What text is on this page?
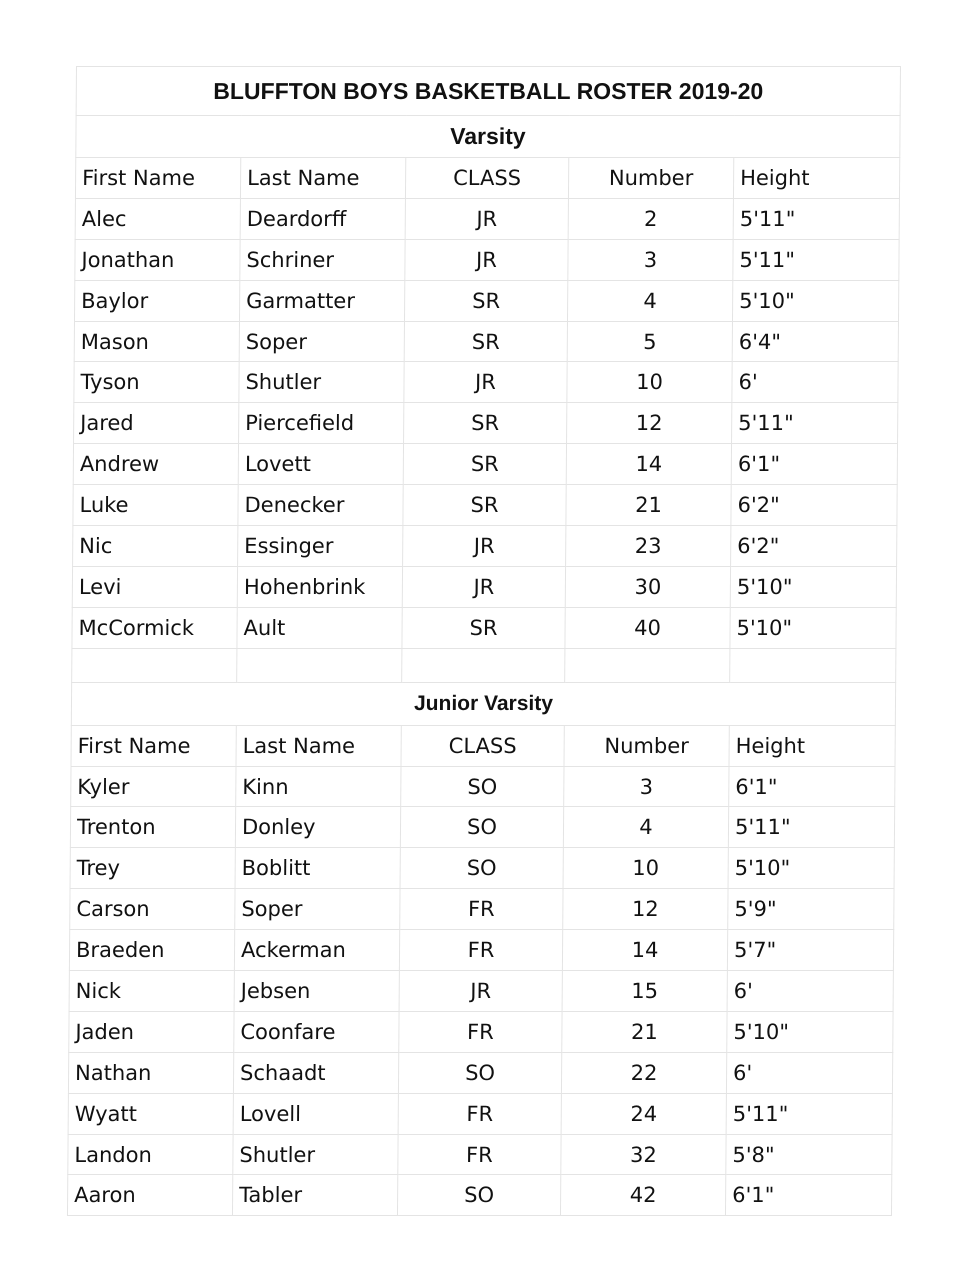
BLUFFTON BOYS BASKETBALL ROSTER 2019-20				
Varsity				
First Name	Last Name	CLASS	Number	Height
Alec	Deardorff	JR	2	5'11"
Jonathan	Schriner	JR	3	5'11"
Baylor	Garmatter	SR	4	5'10"
Mason	Soper	SR	5	6'4"
Tyson	Shutler	JR	10	6'
Jared	Piercefield	SR	12	5'11"
Andrew	Lovett	SR	14	6'1"
Luke	Denecker	SR	21	6'2"
Nic	Essinger	JR	23	6'2"
Levi	Hohenbrink	JR	30	5'10"
McCormick	Ault	SR	40	5'10"

Junior Varsity				
First Name	Last Name	CLASS	Number	Height
Kyler	Kinn	SO	3	6'1"
Trenton	Donley	SO	4	5'11"
Trey	Boblitt	SO	10	5'10"
Carson	Soper	FR	12	5'9"
Braeden	Ackerman	FR	14	5'7"
Nick	Jebsen	JR	15	6'
Jaden	Coonfare	FR	21	5'10"
Nathan	Schaadt	SO	22	6'
Wyatt	Lovell	FR	24	5'11"
Landon	Shutler	FR	32	5'8"
Aaron	Tabler	SO	42	6'1"
